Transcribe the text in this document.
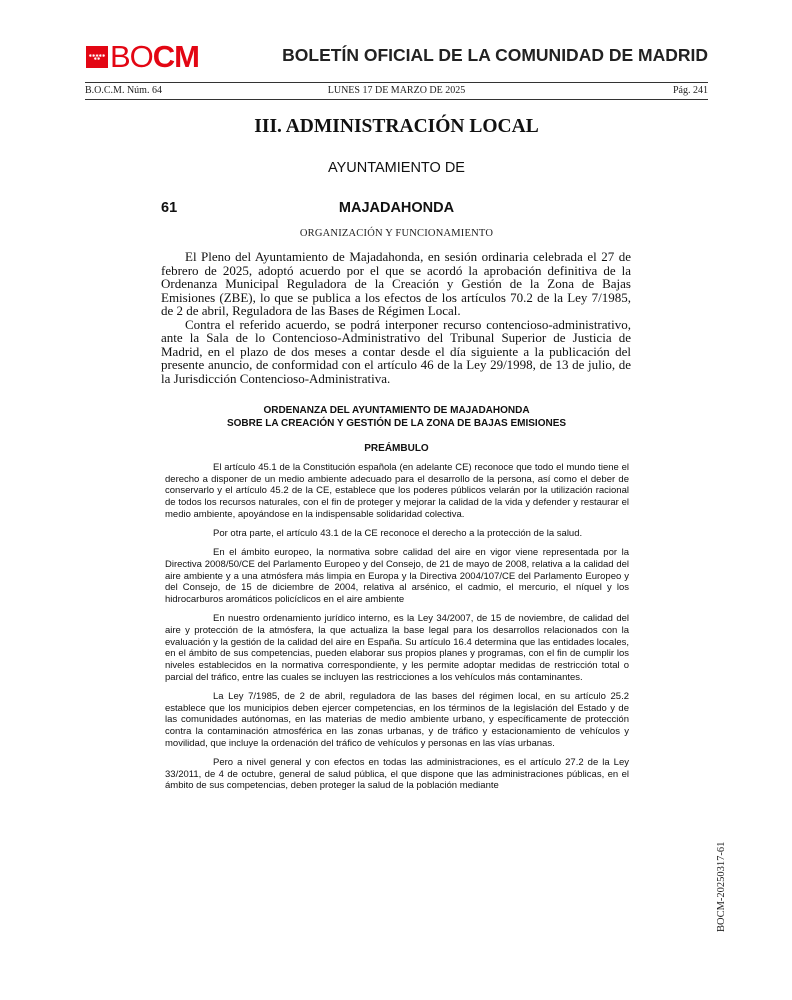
✱✱✱✱✱✱✱ BOCM	BOLETÍN OFICIAL DE LA COMUNIDAD DE MADRID
B.O.C.M. Núm. 64	LUNES 17 DE MARZO DE 2025	Pág. 241
III. ADMINISTRACIÓN LOCAL
AYUNTAMIENTO DE
61	MAJADAHONDA
ORGANIZACIÓN Y FUNCIONAMIENTO

El Pleno del Ayuntamiento de Majadahonda, en sesión ordinaria celebrada el 27 de febrero de 2025, adoptó acuerdo por el que se acordó la aprobación definitiva de la Ordenanza Municipal Reguladora de la Creación y Gestión de la Zona de Bajas Emisiones (ZBE), lo que se publica a los efectos de los artículos 70.2 de la Ley 7/1985, de 2 de abril, Reguladora de las Bases de Régimen Local.

Contra el referido acuerdo, se podrá interponer recurso contencioso-administrativo, ante la Sala de lo Contencioso-Administrativo del Tribunal Superior de Justicia de Madrid, en el plazo de dos meses a contar desde el día siguiente a la publicación del presente anuncio, de conformidad con el artículo 46 de la Ley 29/1998, de 13 de julio, de la Jurisdicción Contencioso-Administrativa.

ORDENANZA DEL AYUNTAMIENTO DE MAJADAHONDA
SOBRE LA CREACIÓN Y GESTIÓN DE LA ZONA DE BAJAS EMISIONES
PREÁMBULO

El artículo 45.1 de la Constitución española (en adelante CE) reconoce que todo el mundo tiene el derecho a disponer de un medio ambiente adecuado para el desarrollo de la persona, así como el deber de conservarlo y el artículo 45.2 de la CE, establece que los poderes públicos velarán por la utilización racional de todos los recursos naturales, con el fin de proteger y mejorar la calidad de la vida y defender y restaurar el medio ambiente, apoyándose en la indispensable solidaridad colectiva.

Por otra parte, el artículo 43.1 de la CE reconoce el derecho a la protección de la salud.

En el ámbito europeo, la normativa sobre calidad del aire en vigor viene representada por la Directiva 2008/50/CE del Parlamento Europeo y del Consejo, de 21 de mayo de 2008, relativa a la calidad del aire ambiente y a una atmósfera más limpia en Europa y la Directiva 2004/107/CE del Parlamento Europeo y del Consejo, de 15 de diciembre de 2004, relativa al arsénico, el cadmio, el mercurio, el níquel y los hidrocarburos aromáticos policíclicos en el aire ambiente

En nuestro ordenamiento jurídico interno, es la Ley 34/2007, de 15 de noviembre, de calidad del aire y protección de la atmósfera, la que actualiza la base legal para los desarrollos relacionados con la evaluación y la gestión de la calidad del aire en España. Su artículo 16.4 determina que las entidades locales, en el ámbito de sus competencias, pueden elaborar sus propios planes y programas, con el fin de cumplir los niveles establecidos en la normativa correspondiente, y les permite adoptar medidas de restricción total o parcial del tráfico, entre las cuales se incluyen las restricciones a los vehículos más contaminantes.

La Ley 7/1985, de 2 de abril, reguladora de las bases del régimen local, en su artículo 25.2 establece que los municipios deben ejercer competencias, en los términos de la legislación del Estado y de las comunidades autónomas, en las materias de medio ambiente urbano, y específicamente de protección contra la contaminación atmosférica en las zonas urbanas, y de tráfico y estacionamiento de vehículos y movilidad, que incluye la ordenación del tráfico de vehículos y personas en las vías urbanas.

Pero a nivel general y con efectos en todas las administraciones, es el artículo 27.2 de la Ley 33/2011, de 4 de octubre, general de salud pública, el que dispone que las administraciones públicas, en el ámbito de sus competencias, deben proteger la salud de la población mediante

BOCM-20250317-61
